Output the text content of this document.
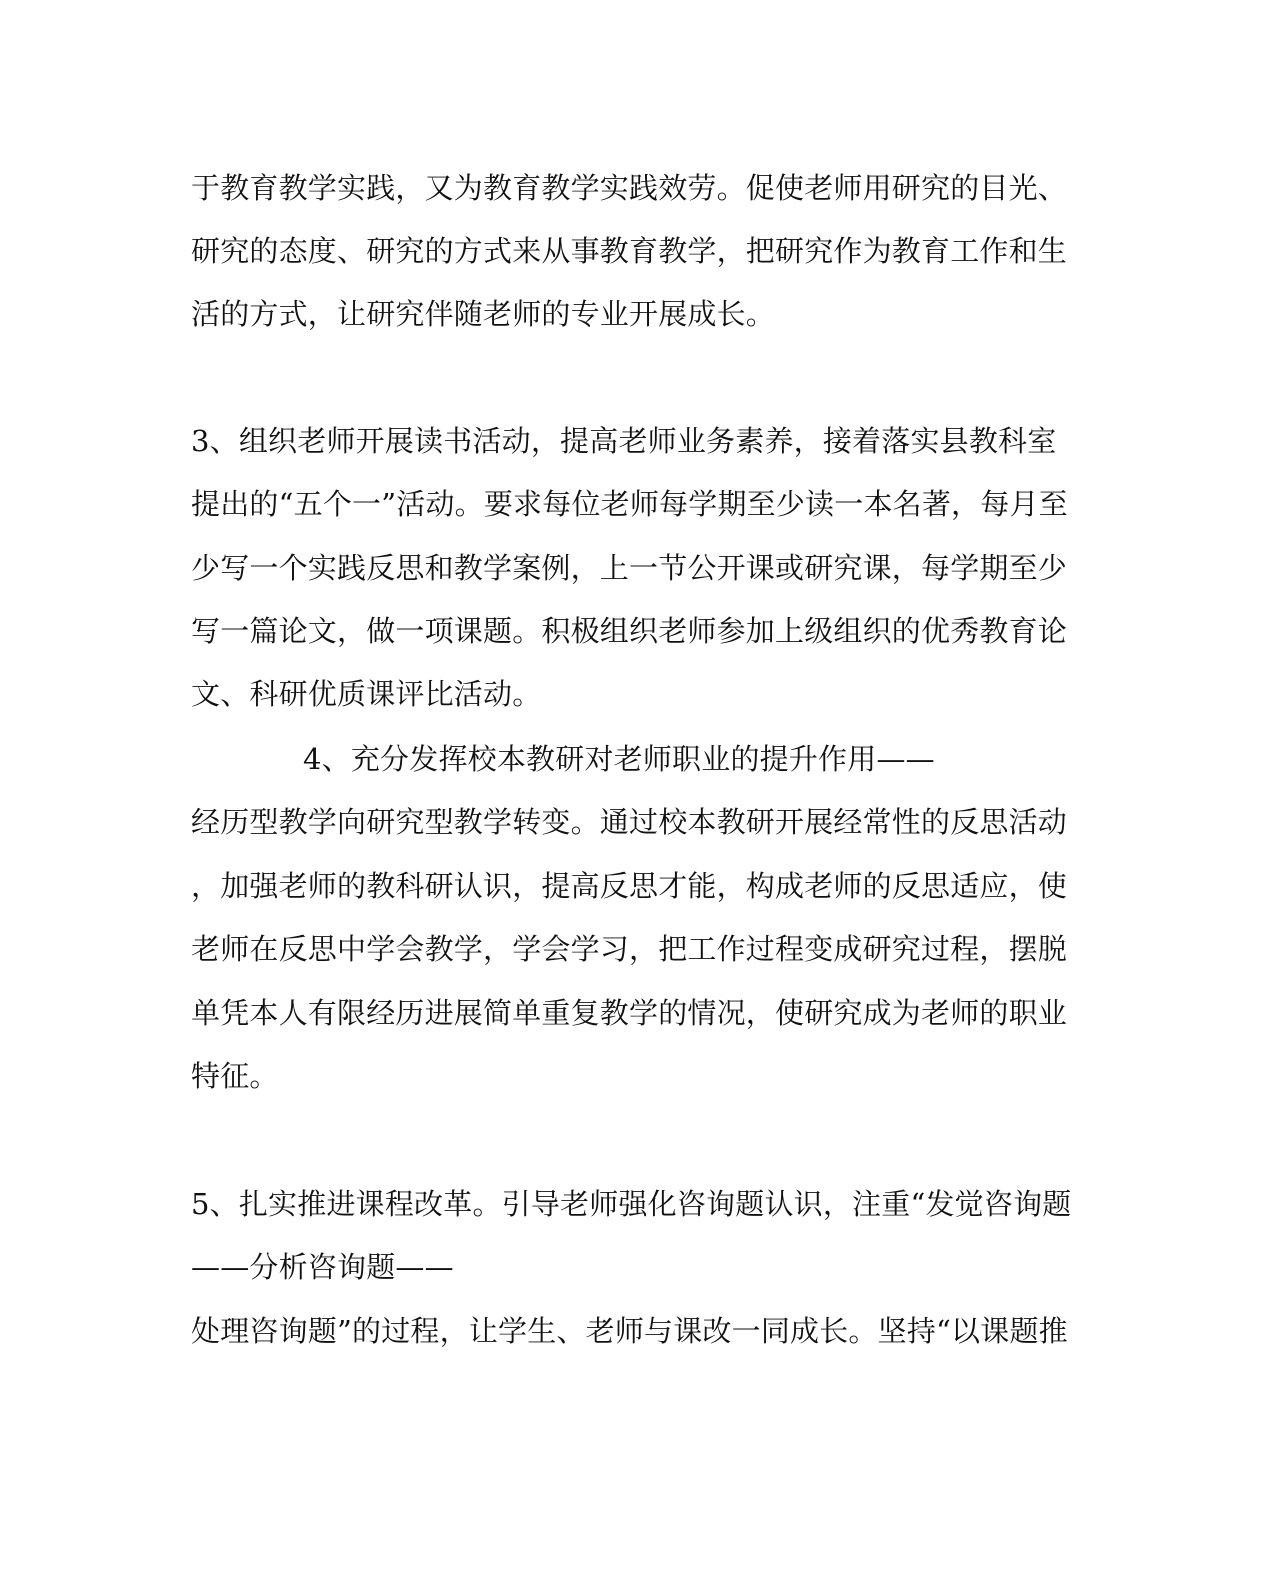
于教育教学实践，又为教育教学实践效劳。促使老师用研究的目光、

研究的态度、研究的方式来从事教育教学，把研究作为教育工作和生

活的方式，让研究伴随老师的专业开展成长。

3、组织老师开展读书活动，提高老师业务素养，接着落实县教科室

提出的“五个一”活动。要求每位老师每学期至少读一本名著，每月至

少写一个实践反思和教学案例，上一节公开课或研究课，每学期至少

写一篇论文，做一项课题。积极组织老师参加上级组织的优秀教育论

文、科研优质课评比活动。

4、充分发挥校本教研对老师职业的提升作用——

经历型教学向研究型教学转变。通过校本教研开展经常性的反思活动

，加强老师的教科研认识，提高反思才能，构成老师的反思适应，使

老师在反思中学会教学，学会学习，把工作过程变成研究过程，摆脱

单凭本人有限经历进展简单重复教学的情况，使研究成为老师的职业

特征。

5、扎实推进课程改革。引导老师强化咨询题认识，注重“发觉咨询题

——分析咨询题——

处理咨询题”的过程，让学生、老师与课改一同成长。坚持“以课题推
